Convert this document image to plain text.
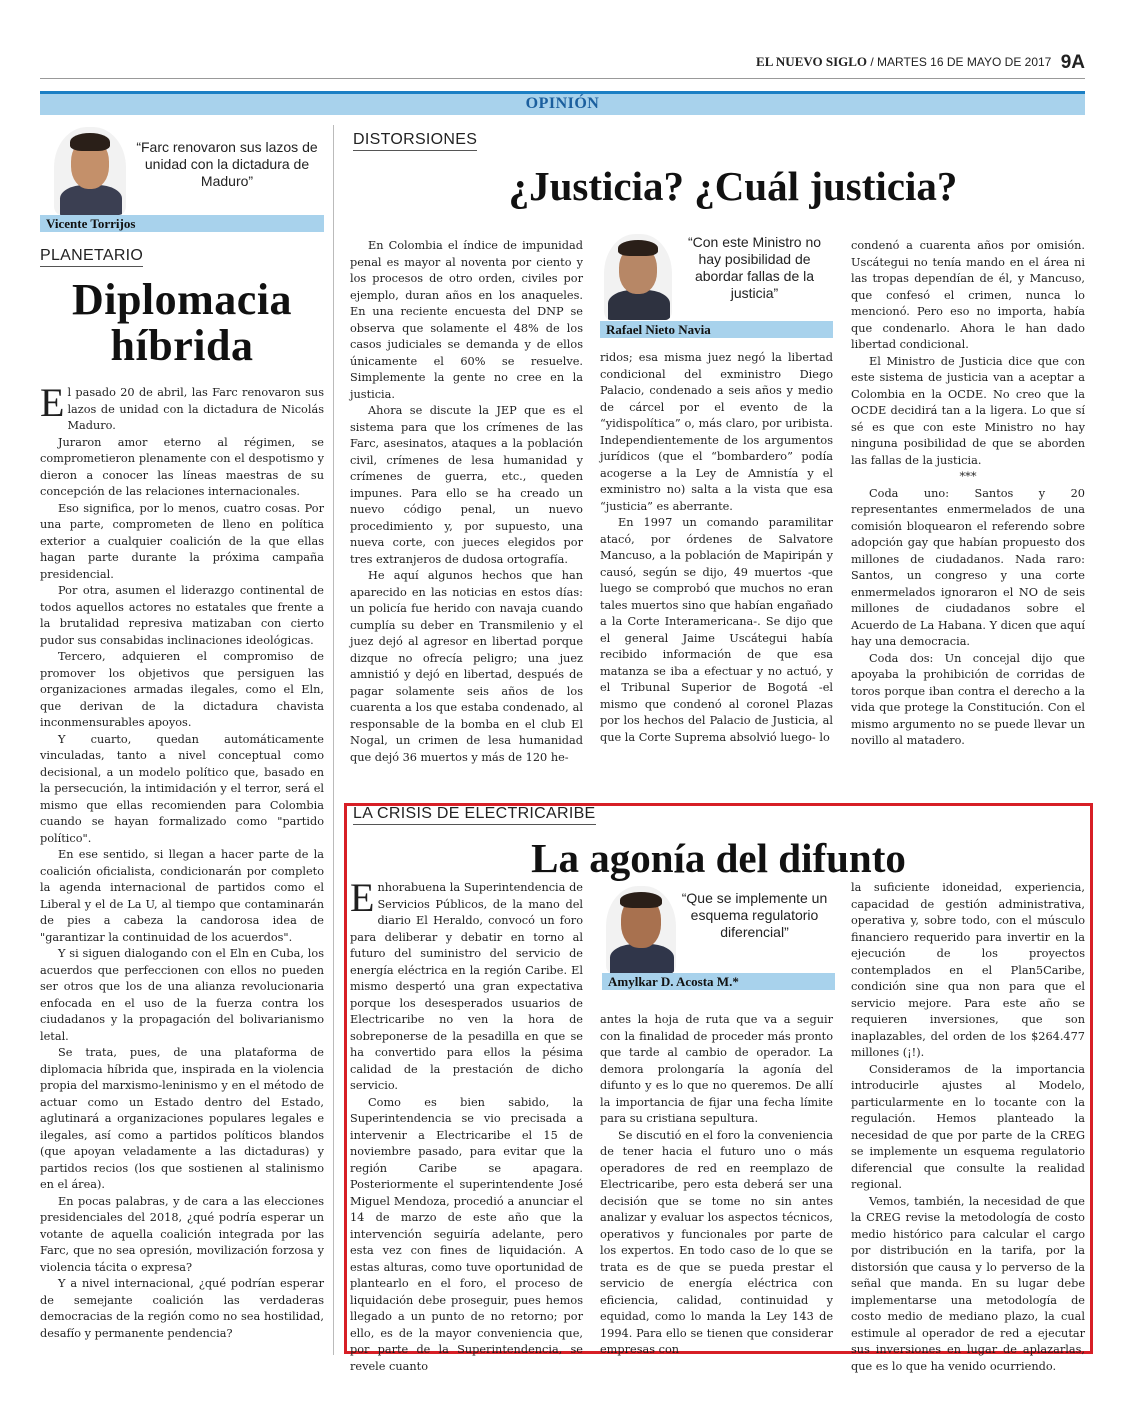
EL NUEVO SIGLO / MARTES 16 DE MAYO DE 2017 9A
OPINIÓN
“Farc renovaron sus lazos de unidad con la dictadura de Maduro”
Vicente Torrijos
PLANETARIO
Diplomacia
híbrida

El pasado 20 de abril, las Farc renovaron sus lazos de unidad con la dictadura de Nicolás Maduro.

Juraron amor eterno al régimen, se comprometieron plenamente con el despotismo y dieron a conocer las líneas maestras de su concepción de las relaciones internacionales.

Eso significa, por lo menos, cuatro cosas. Por una parte, comprometen de lleno en política exterior a cualquier coalición de la que ellas hagan parte durante la próxima campaña presidencial.

Por otra, asumen el liderazgo continental de todos aquellos actores no estatales que frente a la brutalidad represiva matizaban con cierto pudor sus consabidas inclinaciones ideológicas.

Tercero, adquieren el compromiso de promover los objetivos que persiguen las organizaciones armadas ilegales, como el Eln, que derivan de la dictadura chavista inconmensurables apoyos.

Y cuarto, quedan automáticamente vinculadas, tanto a nivel conceptual como decisional, a un modelo político que, basado en la persecución, la intimidación y el terror, será el mismo que ellas recomienden para Colombia cuando se hayan formalizado como "partido político".

En ese sentido, si llegan a hacer parte de la coalición oficialista, condicionarán por completo la agenda internacional de partidos como el Liberal y el de La U, al tiempo que contaminarán de pies a cabeza la candorosa idea de "garantizar la continuidad de los acuerdos".

Y si siguen dialogando con el Eln en Cuba, los acuerdos que perfeccionen con ellos no pueden ser otros que los de una alianza revolucionaria enfocada en el uso de la fuerza contra los ciudadanos y la propagación del bolivarianismo letal.

Se trata, pues, de una plataforma de diplomacia híbrida que, inspirada en la violencia propia del marxismo-leninismo y en el método de actuar como un Estado dentro del Estado, aglutinará a organizaciones populares legales e ilegales, así como a partidos políticos blandos (que apoyan veladamente a las dictaduras) y partidos recios (los que sostienen al stalinismo en el área).

En pocas palabras, y de cara a las elecciones presidenciales del 2018, ¿qué podría esperar un votante de aquella coalición integrada por las Farc, que no sea opresión, movilización forzosa y violencia tácita o expresa?

Y a nivel internacional, ¿qué podrían esperar de semejante coalición las verdaderas democracias de la región como no sea hostilidad, desafío y permanente pendencia?

DISTORSIONES
¿Justicia? ¿Cuál justicia?

En Colombia el índice de impunidad penal es mayor al noventa por ciento y los procesos de otro orden, civiles por ejemplo, duran años en los anaqueles. En una reciente encuesta del DNP se observa que solamente el 48% de los casos judiciales se demanda y de ellos únicamente el 60% se resuelve. Simplemente la gente no cree en la justicia.

Ahora se discute la JEP que es el sistema para que los crímenes de las Farc, asesinatos, ataques a la población civil, crímenes de lesa humanidad y crímenes de guerra, etc., queden impunes. Para ello se ha creado un nuevo código penal, un nuevo procedimiento y, por supuesto, una nueva corte, con jueces elegidos por tres extranjeros de dudosa ortografía.

He aquí algunos hechos que han aparecido en las noticias en estos días: un policía fue herido con navaja cuando cumplía su deber en Transmilenio y el juez dejó al agresor en libertad porque dizque no ofrecía peligro; una juez amnistió y dejó en libertad, después de pagar solamente seis años de los cuarenta a los que estaba condenado, al responsable de la bomba en el club El Nogal, un crimen de lesa humanidad que dejó 36 muertos y más de 120 he-

“Con este Ministro no hay posibilidad de abordar fallas de la justicia”
Rafael Nieto Navia

ridos; esa misma juez negó la libertad condicional del exministro Diego Palacio, condenado a seis años y medio de cárcel por el evento de la “yidispolítica” o, más claro, por uribista. Independientemente de los argumentos jurídicos (que el “bombardero” podía acogerse a la Ley de Amnistía y el exministro no) salta a la vista que esa “justicia” es aberrante.

En 1997 un comando paramilitar atacó, por órdenes de Salvatore Mancuso, a la población de Mapiripán y causó, según se dijo, 49 muertos -que luego se comprobó que muchos no eran tales muertos sino que habían engañado a la Corte Interamericana-. Se dijo que el general Jaime Uscátegui había recibido información de que esa matanza se iba a efectuar y no actuó, y el Tribunal Superior de Bogotá -el mismo que condenó al coronel Plazas por los hechos del Palacio de Justicia, al que la Corte Suprema absolvió luego- lo

condenó a cuarenta años por omisión. Uscátegui no tenía mando en el área ni las tropas dependían de él, y Mancuso, que confesó el crimen, nunca lo mencionó. Pero eso no importa, había que condenarlo. Ahora le han dado libertad condicional.

El Ministro de Justicia dice que con este sistema de justicia van a aceptar a Colombia en la OCDE. No creo que la OCDE decidirá tan a la ligera. Lo que sí sé es que con este Ministro no hay ninguna posibilidad de que se aborden las fallas de la justicia.

***

Coda uno: Santos y 20 representantes enmermelados de una comisión bloquearon el referendo sobre adopción gay que habían propuesto dos millones de ciudadanos. Nada raro: Santos, un congreso y una corte enmermelados ignoraron el NO de seis millones de ciudadanos sobre el Acuerdo de La Habana. Y dicen que aquí hay una democracia.

Coda dos: Un concejal dijo que apoyaba la prohibición de corridas de toros porque iban contra el derecho a la vida que protege la Constitución. Con el mismo argumento no se puede llevar un novillo al matadero.

LA CRISIS DE ELECTRICARIBE
La agonía del difunto

Enhorabuena la Superintendencia de Servicios Públicos, de la mano del diario El Heraldo, convocó un foro para deliberar y debatir en torno al futuro del suministro del servicio de energía eléctrica en la región Caribe. El mismo despertó una gran expectativa porque los desesperados usuarios de Electricaribe no ven la hora de sobreponerse de la pesadilla en que se ha convertido para ellos la pésima calidad de la prestación de dicho servicio.

Como es bien sabido, la Superintendencia se vio precisada a intervenir a Electricaribe el 15 de noviembre pasado, para evitar que la región Caribe se apagara. Posteriormente el superintendente José Miguel Mendoza, procedió a anunciar el 14 de marzo de este año que la intervención seguiría adelante, pero esta vez con fines de liquidación. A estas alturas, como tuve oportunidad de plantearlo en el foro, el proceso de liquidación debe proseguir, pues hemos llegado a un punto de no retorno; por ello, es de la mayor conveniencia que, por parte de la Superintendencia, se revele cuanto

“Que se implemente un esquema regulatorio diferencial”
Amylkar D. Acosta M.*

antes la hoja de ruta que va a seguir con la finalidad de proceder más pronto que tarde al cambio de operador. La demora prolongaría la agonía del difunto y es lo que no queremos. De allí la importancia de fijar una fecha límite para su cristiana sepultura.

Se discutió en el foro la conveniencia de tener hacia el futuro uno o más operadores de red en reemplazo de Electricaribe, pero esta deberá ser una decisión que se tome no sin antes analizar y evaluar los aspectos técnicos, operativos y funcionales por parte de los expertos. En todo caso de lo que se trata es de que se pueda prestar el servicio de energía eléctrica con eficiencia, calidad, continuidad y equidad, como lo manda la Ley 143 de 1994. Para ello se tienen que considerar empresas con

la suficiente idoneidad, experiencia, capacidad de gestión administrativa, operativa y, sobre todo, con el músculo financiero requerido para invertir en la ejecución de los proyectos contemplados en el Plan5Caribe, condición sine qua non para que el servicio mejore. Para este año se requieren inversiones, que son inaplazables, del orden de los $264.477 millones (¡!).

Consideramos de la importancia introducirle ajustes al Modelo, particularmente en lo tocante con la regulación. Hemos planteado la necesidad de que por parte de la CREG se implemente un esquema regulatorio diferencial que consulte la realidad regional.

Vemos, también, la necesidad de que la CREG revise la metodología de costo medio histórico para calcular el cargo por distribución en la tarifa, por la distorsión que causa y lo perverso de la señal que manda. En su lugar debe implementarse una metodología de costo medio de mediano plazo, la cual estimule al operador de red a ejecutar sus inversiones en lugar de aplazarlas, que es lo que ha venido ocurriendo.
